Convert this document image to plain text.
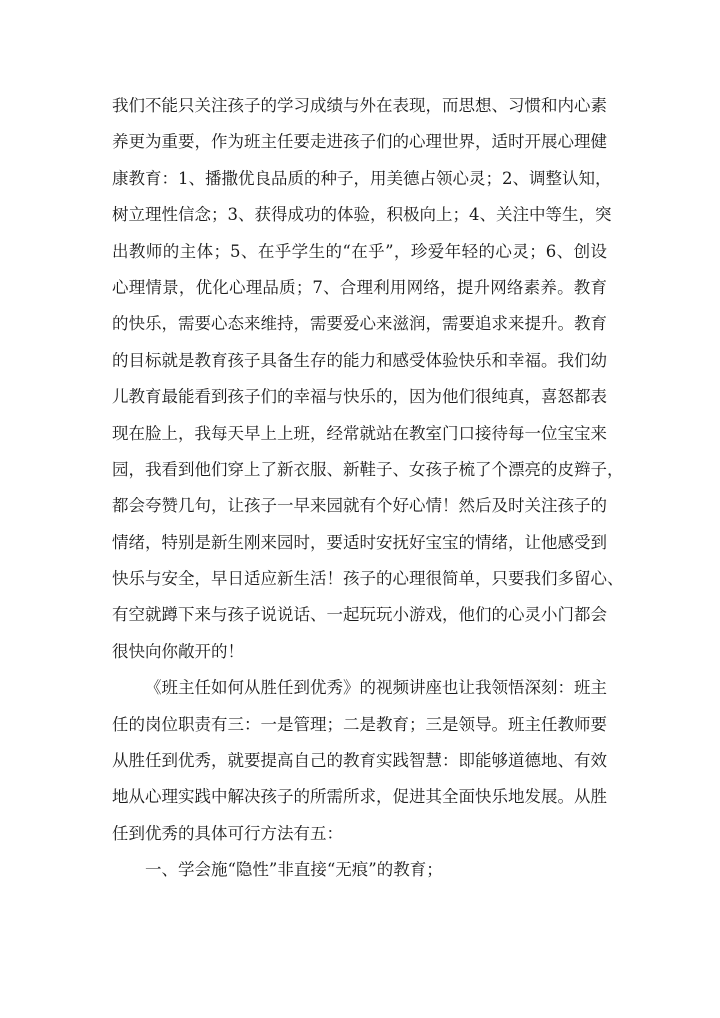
我们不能只关注孩子的学习成绩与外在表现，而思想、习惯和内心素
养更为重要，作为班主任要走进孩子们的心理世界，适时开展心理健
康教育：1、播撒优良品质的种子，用美德占领心灵；2、调整认知，
树立理性信念；3、获得成功的体验，积极向上；4、关注中等生，突
出教师的主体；5、在乎学生的“在乎”，珍爱年轻的心灵；6、创设
心理情景，优化心理品质；7、合理利用网络，提升网络素养。教育
的快乐，需要心态来维持，需要爱心来滋润，需要追求来提升。教育
的目标就是教育孩子具备生存的能力和感受体验快乐和幸福。我们幼
儿教育最能看到孩子们的幸福与快乐的，因为他们很纯真，喜怒都表
现在脸上，我每天早上上班，经常就站在教室门口接待每一位宝宝来
园，我看到他们穿上了新衣服、新鞋子、女孩子梳了个漂亮的皮辫子，
都会夸赞几句，让孩子一早来园就有个好心情！然后及时关注孩子的
情绪，特别是新生刚来园时，要适时安抚好宝宝的情绪，让他感受到
快乐与安全，早日适应新生活！孩子的心理很简单，只要我们多留心、
有空就蹲下来与孩子说说话、一起玩玩小游戏，他们的心灵小门都会
很快向你敞开的！
《班主任如何从胜任到优秀》的视频讲座也让我领悟深刻：班主
任的岗位职责有三：一是管理；二是教育；三是领导。班主任教师要
从胜任到优秀，就要提高自己的教育实践智慧：即能够道德地、有效
地从心理实践中解决孩子的所需所求，促进其全面快乐地发展。从胜
任到优秀的具体可行方法有五：
一、学会施“隐性”非直接“无痕”的教育；
